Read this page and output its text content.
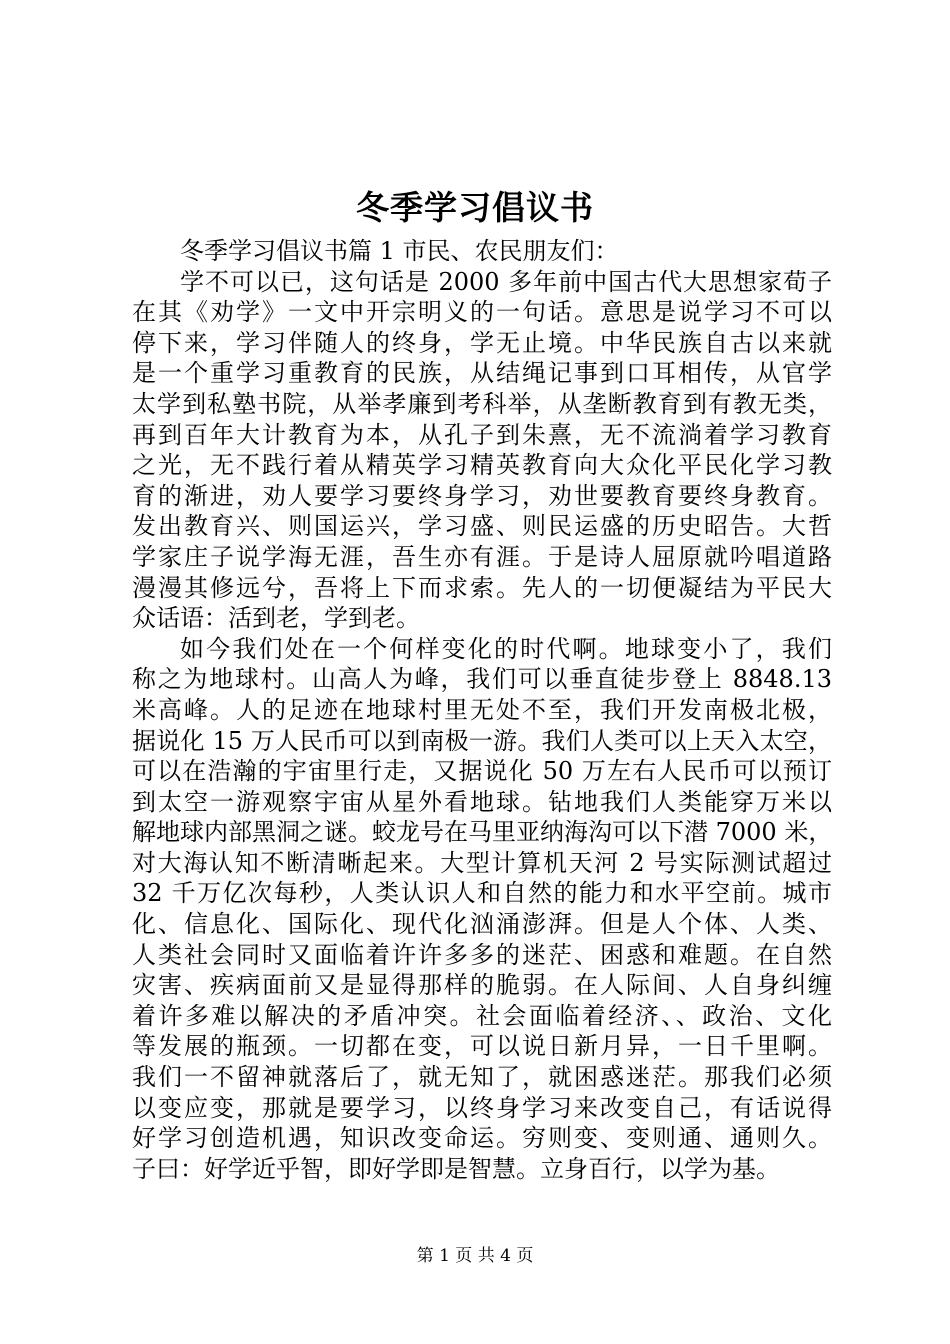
冬季学习倡议书
冬季学习倡议书篇 1 市民、农民朋友们：
学不可以已，这句话是 2000 多年前中国古代大思想家荀子
在其《劝学》一文中开宗明义的一句话。意思是说学习不可以
停下来，学习伴随人的终身，学无止境。中华民族自古以来就
是一个重学习重教育的民族，从结绳记事到口耳相传，从官学
太学到私塾书院，从举孝廉到考科举，从垄断教育到有教无类，
再到百年大计教育为本，从孔子到朱熹，无不流淌着学习教育
之光，无不践行着从精英学习精英教育向大众化平民化学习教
育的渐进，劝人要学习要终身学习，劝世要教育要终身教育。
发出教育兴、则国运兴，学习盛、则民运盛的历史昭告。大哲
学家庄子说学海无涯，吾生亦有涯。于是诗人屈原就吟唱道路
漫漫其修远兮，吾将上下而求索。先人的一切便凝结为平民大
众话语：活到老，学到老。
如今我们处在一个何样变化的时代啊。地球变小了，我们
称之为地球村。山高人为峰，我们可以垂直徒步登上 8848.13
米高峰。人的足迹在地球村里无处不至，我们开发南极北极，
据说化 15 万人民币可以到南极一游。我们人类可以上天入太空，
可以在浩瀚的宇宙里行走，又据说化 50 万左右人民币可以预订
到太空一游观察宇宙从星外看地球。钻地我们人类能穿万米以
解地球内部黑洞之谜。蛟龙号在马里亚纳海沟可以下潜 7000 米，
对大海认知不断清晰起来。大型计算机天河 2 号实际测试超过
32 千万亿次每秒，人类认识人和自然的能力和水平空前。城市
化、信息化、国际化、现代化汹涌澎湃。但是人个体、人类、
人类社会同时又面临着许许多多的迷茫、困惑和难题。在自然
灾害、疾病面前又是显得那样的脆弱。在人际间、人自身纠缠
着许多难以解决的矛盾冲突。社会面临着经济、、政治、文化
等发展的瓶颈。一切都在变，可以说日新月异，一日千里啊。
我们一不留神就落后了，就无知了，就困惑迷茫。那我们必须
以变应变，那就是要学习，以终身学习来改变自己，有话说得
好学习创造机遇，知识改变命运。穷则变、变则通、通则久。
子曰：好学近乎智，即好学即是智慧。立身百行，以学为基。
第 1 页 共 4 页
